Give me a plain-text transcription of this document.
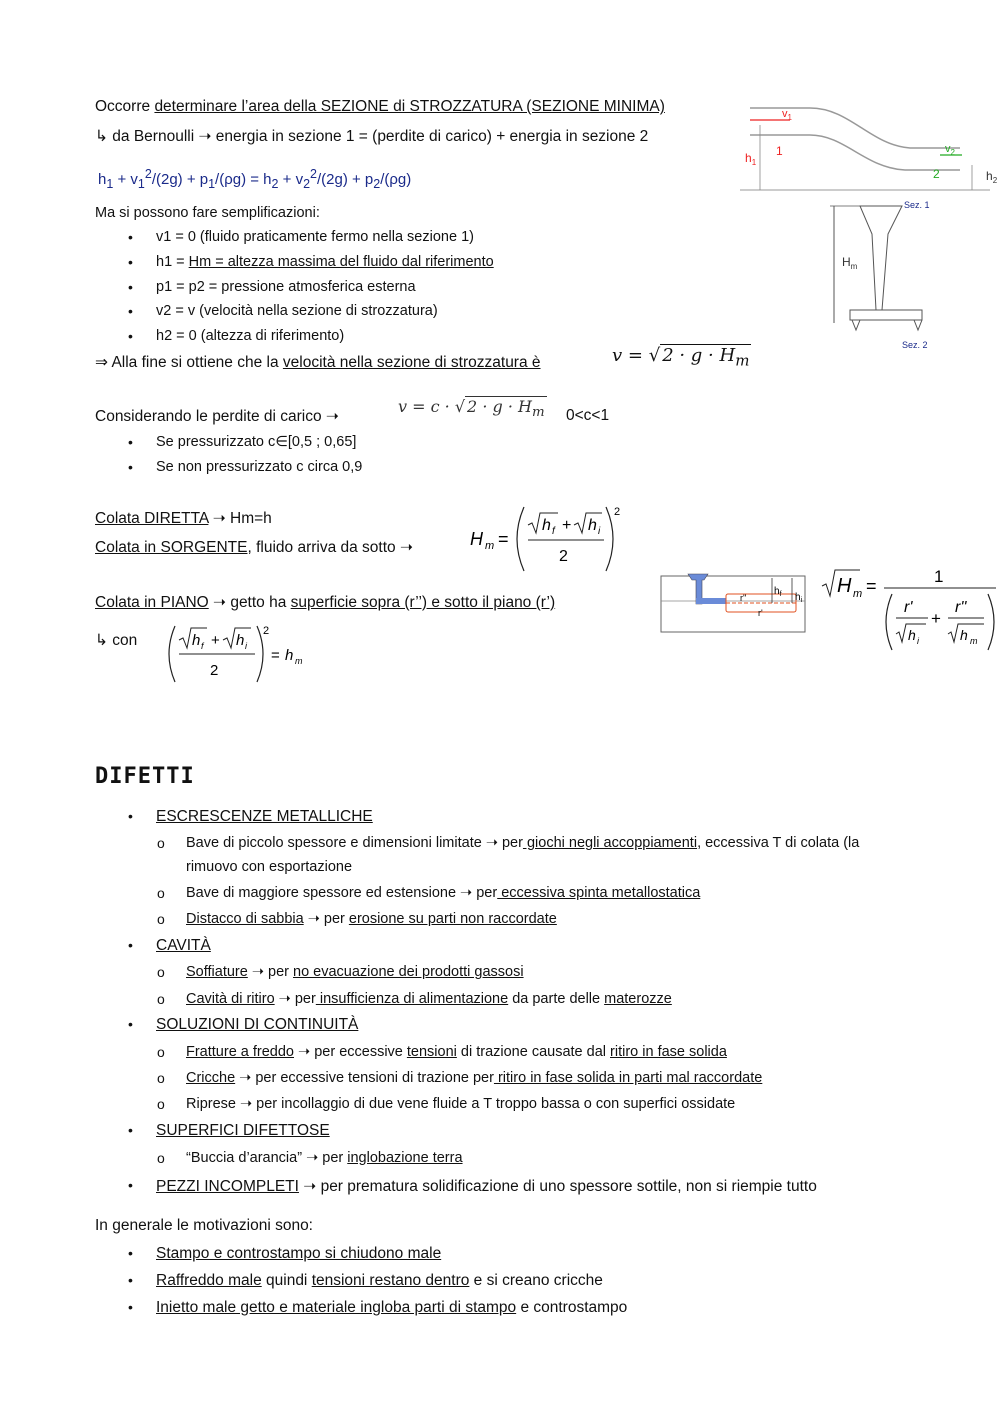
Occorre determinare l’area della SEZIONE di STROZZATURA (SEZIONE MINIMA)
↳ da Bernoulli ➝ energia in sezione 1 = (perdite di carico) + energia in sezione 2
$h_1 + v_1^2/(2g) + p_1/(\rho g) = h_2 + v_2^2/(2g) + p_2/(\rho g)$
Ma si possono fare semplificazioni:
• v1 = 0 (fluido praticamente fermo nella sezione 1)
• h1 = Hm = altezza massima del fluido dal riferimento
• p1 = p2 = pressione atmosferica esterna
• v2 = v (velocità nella sezione di strozzatura)
• h2 = 0 (altezza di riferimento)
⇒ Alla fine si ottiene che la velocità nella sezione di strozzatura è	v = √ $2 \cdot g \cdot H_m$
$v_1$
1
$h_1$
$v_2$
2	$h_2$
Sez. 1
Sez. 2
$H_m$
Considerando le perdite di carico ➝
v = c · √ $2 \cdot g \cdot H_m$ 0<c<1
• Se pressurizzato c∈[0,5 ; 0,65]
• Se non pressurizzato c circa 0,9
Colata DIRETTA ➝ Hm=h
Colata in SORGENTE, fluido arriva da sotto ➝	H m =
h f + h i
2
2
Colata in PIANO ➝ getto ha superficie sopra (r’’) e sotto il piano (r’)
↳ con	h f + h i
2
2
= h m
$h_f$ $h_i$
r''
r'
H m =	1
r'
h i
+
r''
h m
DIFETTI
• ESCRESCENZE METALLICHE
o Bave di piccolo spessore e dimensioni limitate ➝ per giochi negli accoppiamenti, eccessiva T di colata (la
rimuovo con esportazione
o Bave di maggiore spessore ed estensione ➝ per eccessiva spinta metallostatica
o Distacco di sabbia ➝ per erosione su parti non raccordate
• CAVITÀ
o Soffiature ➝ per no evacuazione dei prodotti gassosi
o Cavità di ritiro ➝ per insufficienza di alimentazione da parte delle materozze
• SOLUZIONI DI CONTINUITÀ
o Fratture a freddo ➝ per eccessive tensioni di trazione causate dal ritiro in fase solida
o Cricche ➝ per eccessive tensioni di trazione per ritiro in fase solida in parti mal raccordate
o Riprese ➝ per incollaggio di due vene fluide a T troppo bassa o con superfici ossidate
• SUPERFICI DIFETTOSE
o “Buccia d’arancia” ➝ per inglobazione terra
• PEZZI INCOMPLETI ➝ per prematura solidificazione di uno spessore sottile, non si riempie tutto
In generale le motivazioni sono:
• Stampo e controstampo si chiudono male
• Raffreddo male quindi tensioni restano dentro e si creano cricche
• Inietto male getto e materiale ingloba parti di stampo e controstampo
